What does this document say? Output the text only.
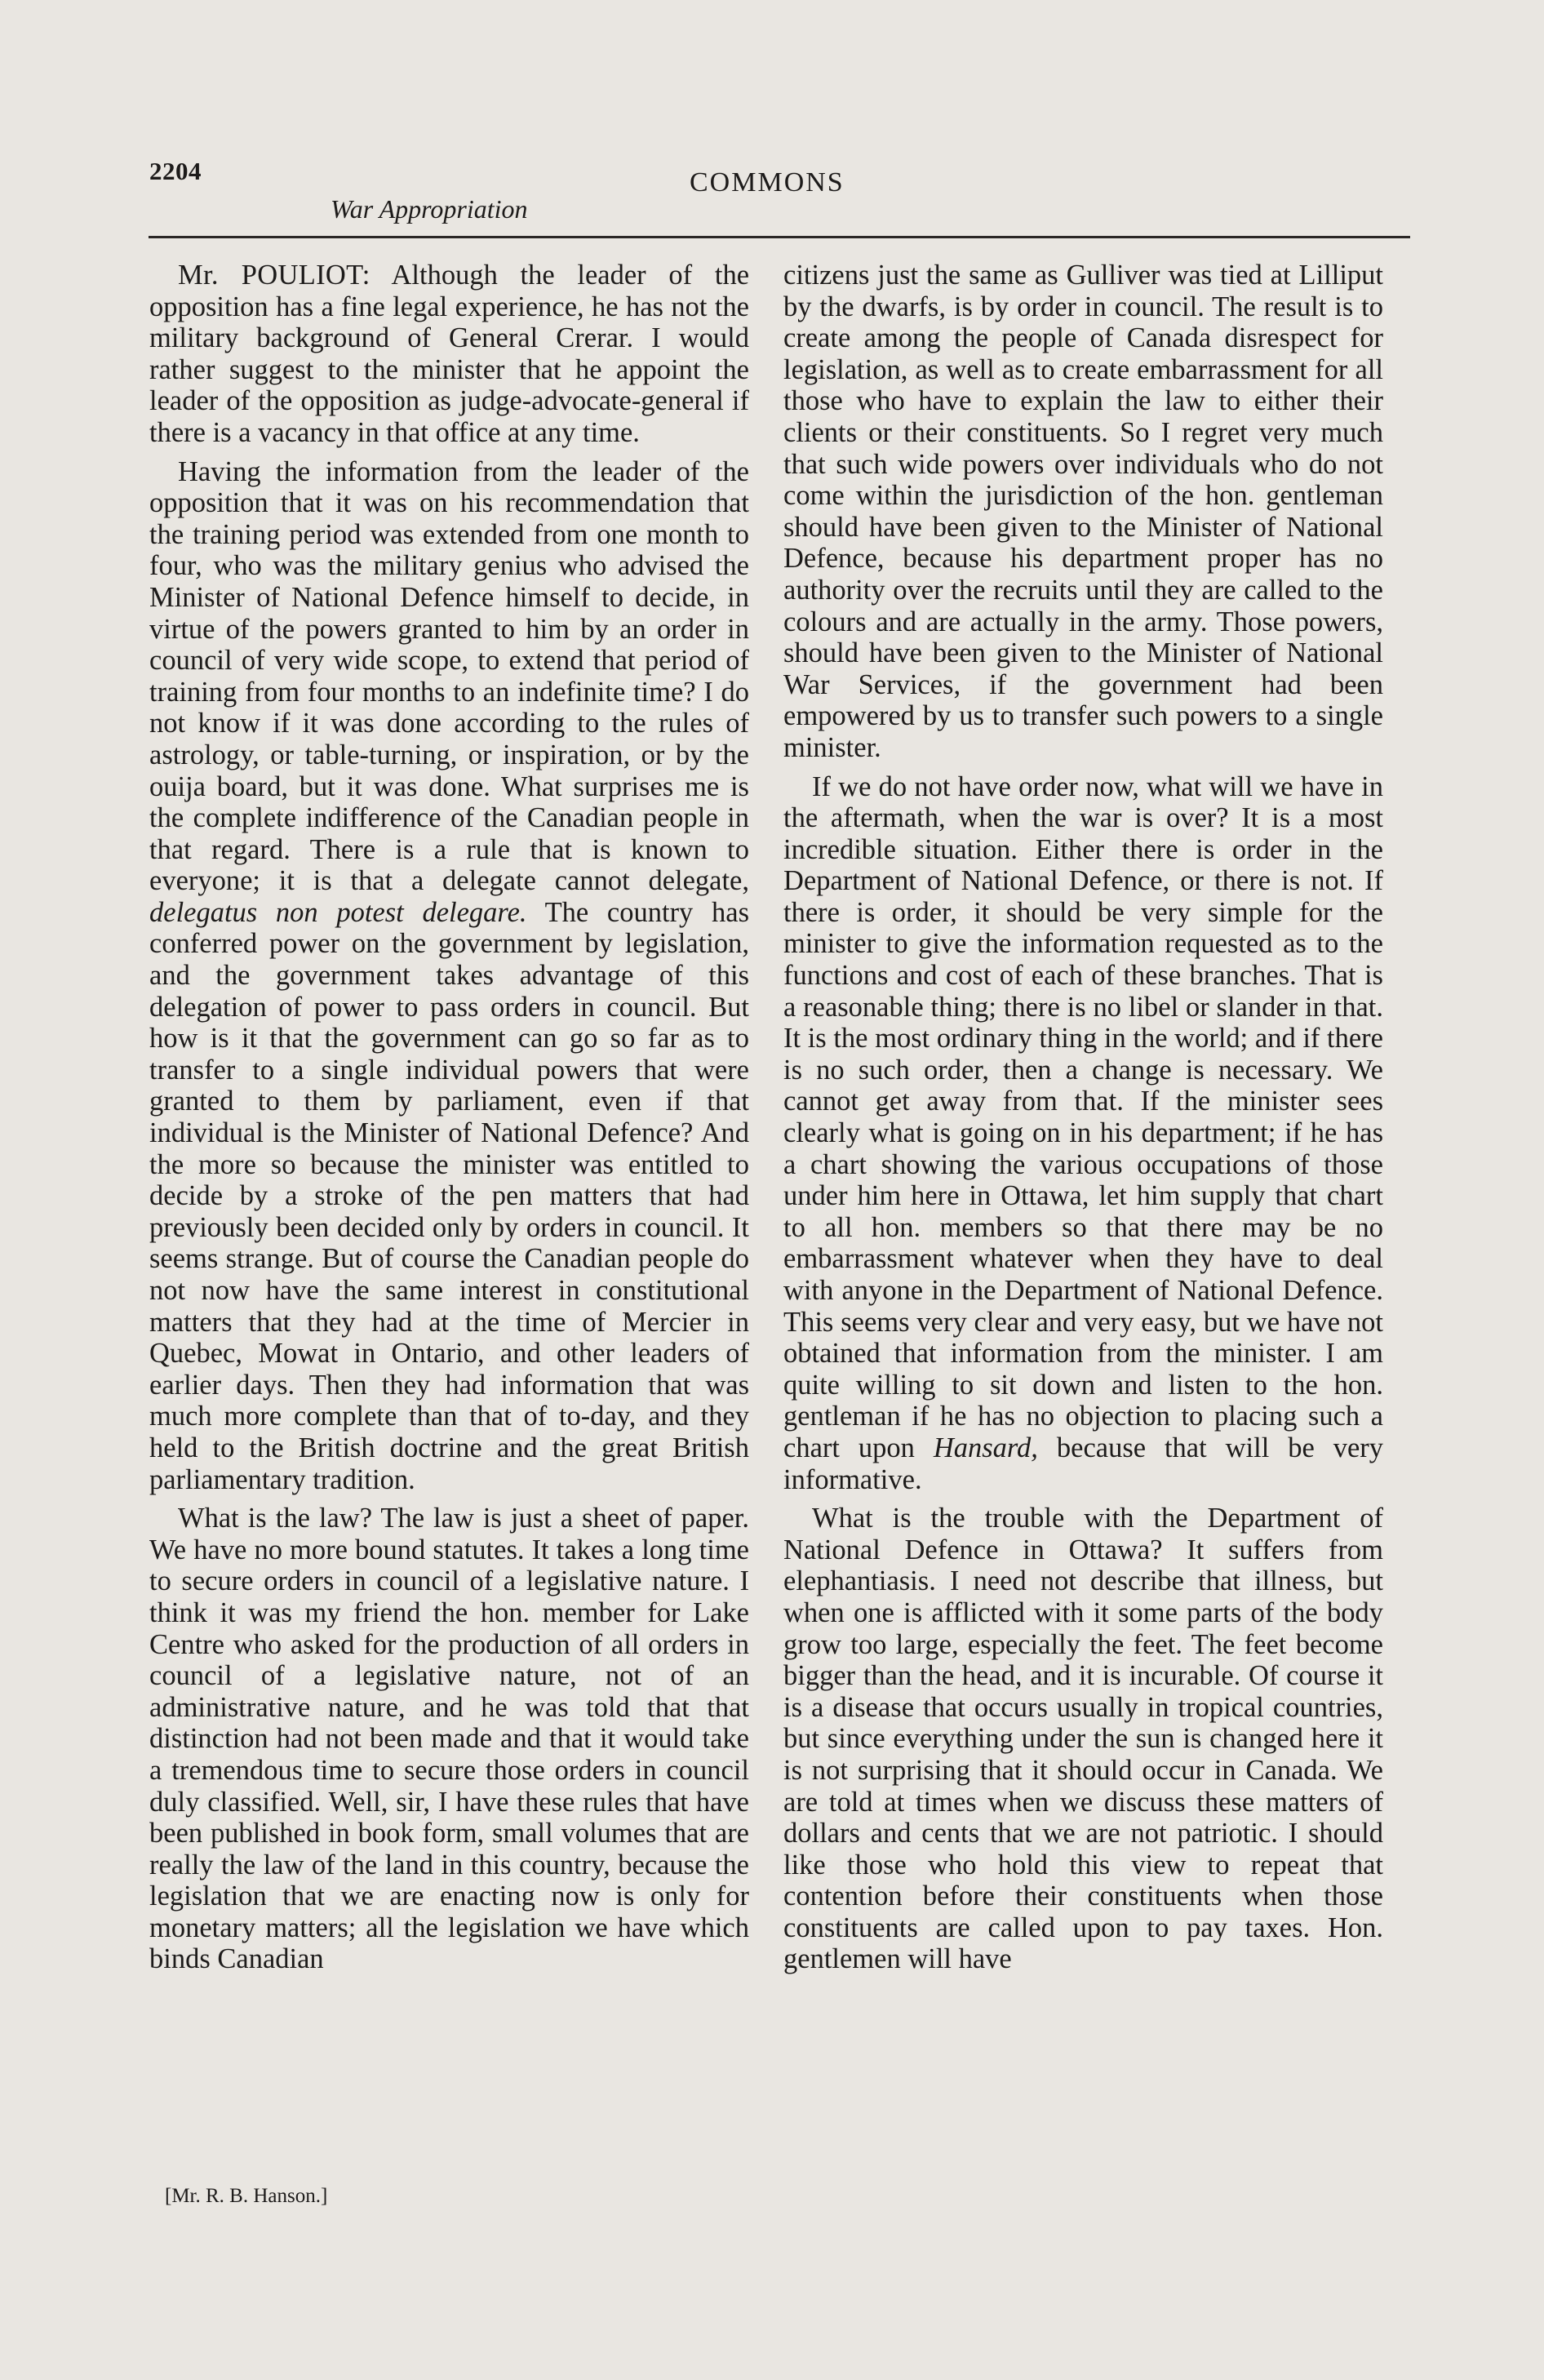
2204	COMMONS
War Appropriation

Mr. POULIOT: Although the leader of the opposition has a fine legal experience, he has not the military background of General Crerar. I would rather suggest to the minister that he appoint the leader of the opposition as judge-advocate-general if there is a vacancy in that office at any time.

Having the information from the leader of the opposition that it was on his recommendation that the training period was extended from one month to four, who was the military genius who advised the Minister of National Defence himself to decide, in virtue of the powers granted to him by an order in council of very wide scope, to extend that period of training from four months to an indefinite time? I do not know if it was done according to the rules of astrology, or table-turning, or inspiration, or by the ouija board, but it was done. What surprises me is the complete indifference of the Canadian people in that regard. There is a rule that is known to everyone; it is that a delegate cannot delegate, delegatus non potest delegare. The country has conferred power on the government by legislation, and the government takes advantage of this delegation of power to pass orders in council. But how is it that the government can go so far as to transfer to a single individual powers that were granted to them by parliament, even if that individual is the Minister of National Defence? And the more so because the minister was entitled to decide by a stroke of the pen matters that had previously been decided only by orders in council. It seems strange. But of course the Canadian people do not now have the same interest in constitutional matters that they had at the time of Mercier in Quebec, Mowat in Ontario, and other leaders of earlier days. Then they had information that was much more complete than that of to-day, and they held to the British doctrine and the great British parliamentary tradition.

What is the law? The law is just a sheet of paper. We have no more bound statutes. It takes a long time to secure orders in council of a legislative nature. I think it was my friend the hon. member for Lake Centre who asked for the production of all orders in council of a legislative nature, not of an administrative nature, and he was told that that distinction had not been made and that it would take a tremendous time to secure those orders in council duly classified. Well, sir, I have these rules that have been published in book form, small volumes that are really the law of the land in this country, because the legislation that we are enacting now is only for monetary matters; all the legislation we have which binds Canadian

citizens just the same as Gulliver was tied at Lilliput by the dwarfs, is by order in council. The result is to create among the people of Canada disrespect for legislation, as well as to create embarrassment for all those who have to explain the law to either their clients or their constituents. So I regret very much that such wide powers over individuals who do not come within the jurisdiction of the hon. gentleman should have been given to the Minister of National Defence, because his department proper has no authority over the recruits until they are called to the colours and are actually in the army. Those powers, should have been given to the Minister of National War Services, if the government had been empowered by us to transfer such powers to a single minister.

If we do not have order now, what will we have in the aftermath, when the war is over? It is a most incredible situation. Either there is order in the Department of National Defence, or there is not. If there is order, it should be very simple for the minister to give the information requested as to the functions and cost of each of these branches. That is a reasonable thing; there is no libel or slander in that. It is the most ordinary thing in the world; and if there is no such order, then a change is necessary. We cannot get away from that. If the minister sees clearly what is going on in his department; if he has a chart showing the various occupations of those under him here in Ottawa, let him supply that chart to all hon. members so that there may be no embarrassment whatever when they have to deal with anyone in the Department of National Defence. This seems very clear and very easy, but we have not obtained that information from the minister. I am quite willing to sit down and listen to the hon. gentleman if he has no objection to placing such a chart upon Hansard, because that will be very informative.

What is the trouble with the Department of National Defence in Ottawa? It suffers from elephantiasis. I need not describe that illness, but when one is afflicted with it some parts of the body grow too large, especially the feet. The feet become bigger than the head, and it is incurable. Of course it is a disease that occurs usually in tropical countries, but since everything under the sun is changed here it is not surprising that it should occur in Canada. We are told at times when we discuss these matters of dollars and cents that we are not patriotic. I should like those who hold this view to repeat that contention before their constituents when those constituents are called upon to pay taxes. Hon. gentlemen will have

[Mr. R. B. Hanson.]
